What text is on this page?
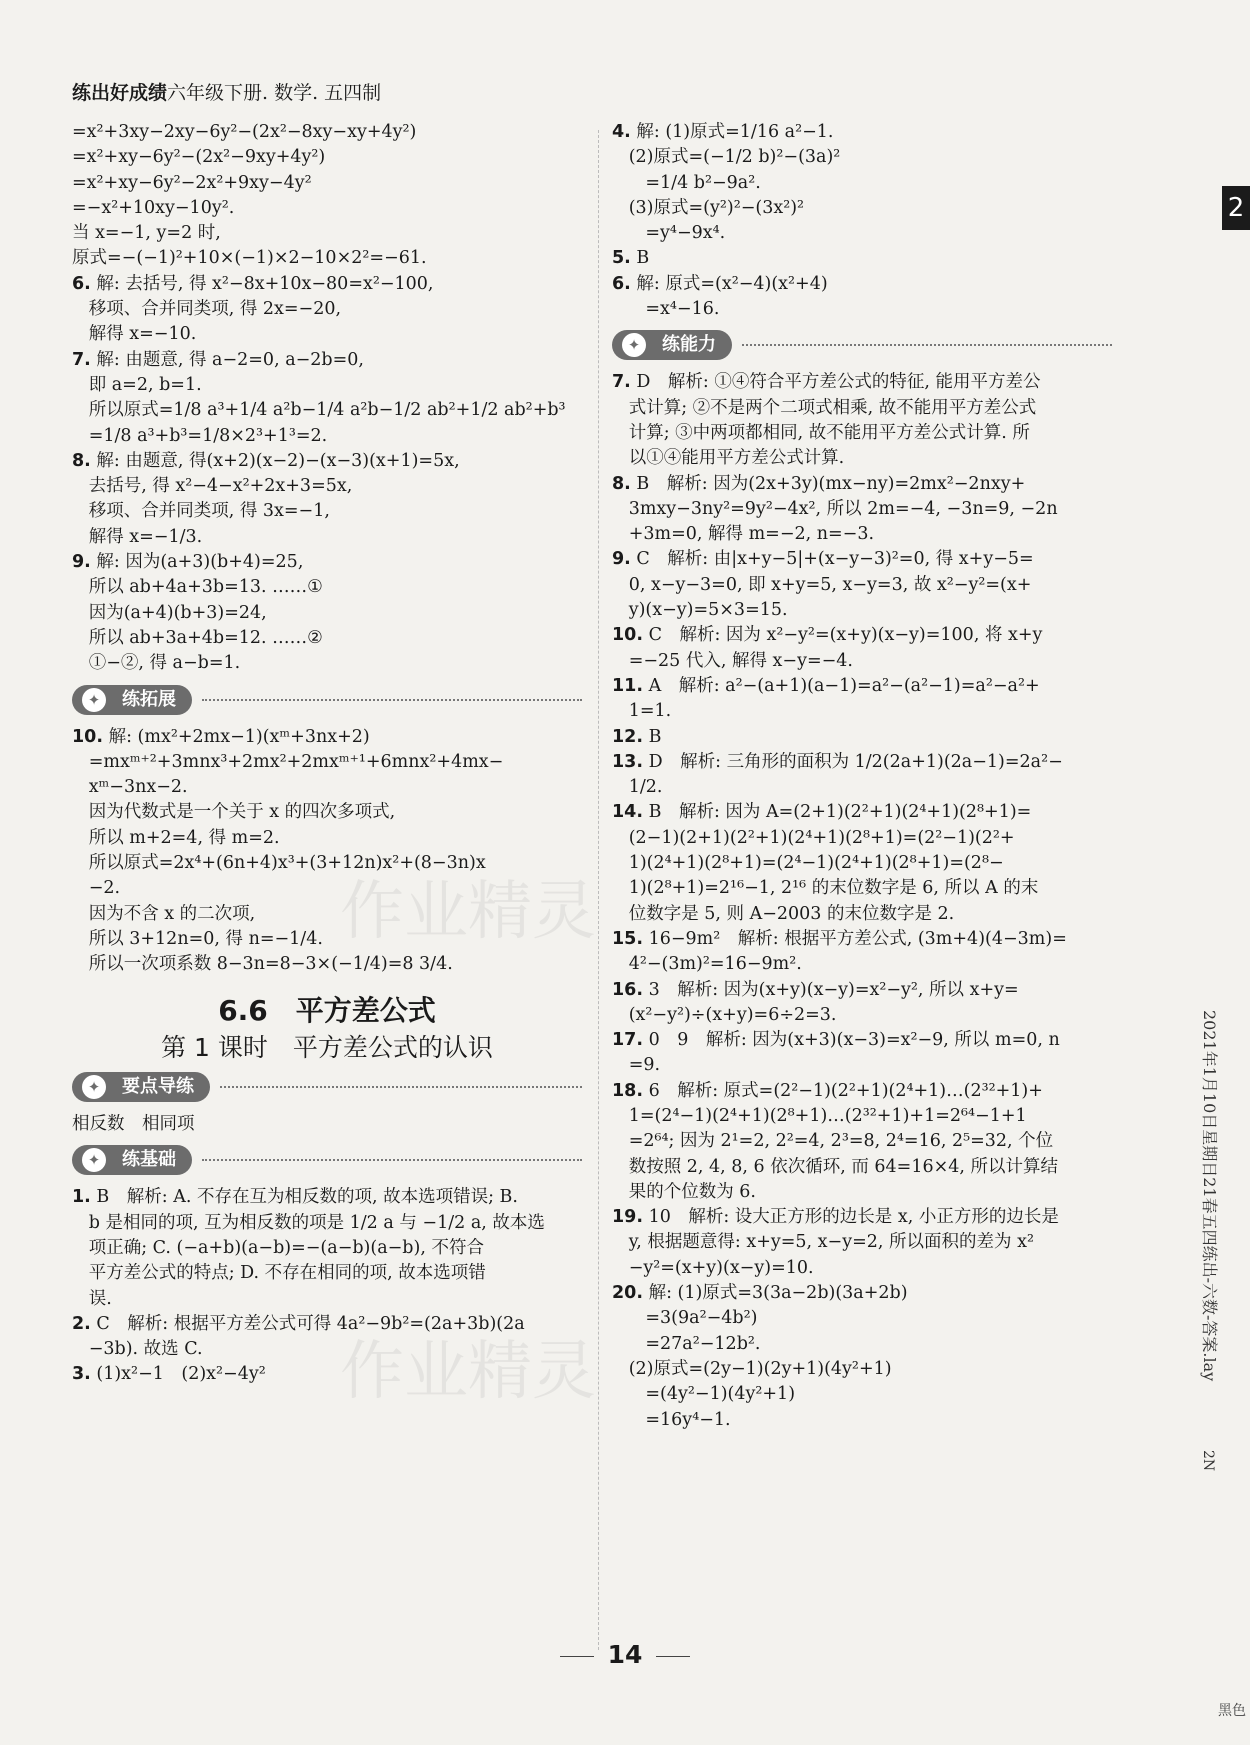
练出好成绩六年级下册. 数学. 五四制
作业精灵
作业精灵
=x²+3xy−2xy−6y²−(2x²−8xy−xy+4y²)
=x²+xy−6y²−(2x²−9xy+4y²)
=x²+xy−6y²−2x²+9xy−4y²
=−x²+10xy−10y².
当 x=−1, y=2 时,
原式=−(−1)²+10×(−1)×2−10×2²=−61.
6. 解: 去括号, 得 x²−8x+10x−80=x²−100,
移项、合并同类项, 得 2x=−20,
解得 x=−10.
7. 解: 由题意, 得 a−2=0, a−2b=0,
即 a=2, b=1.
所以原式=1/8 a³+1/4 a²b−1/4 a²b−1/2 ab²+1/2 ab²+b³
=1/8 a³+b³=1/8×2³+1³=2.
8. 解: 由题意, 得(x+2)(x−2)−(x−3)(x+1)=5x,
去括号, 得 x²−4−x²+2x+3=5x,
移项、合并同类项, 得 3x=−1,
解得 x=−1/3.
9. 解: 因为(a+3)(b+4)=25,
所以 ab+4a+3b=13. ……①
因为(a+4)(b+3)=24,
所以 ab+3a+4b=12. ……②
①−②, 得 a−b=1.
✦	练拓展
10. 解: (mx²+2mx−1)(xᵐ+3nx+2)
=mxᵐ⁺²+3mnx³+2mx²+2mxᵐ⁺¹+6mnx²+4mx−
xᵐ−3nx−2.
因为代数式是一个关于 x 的四次多项式,
所以 m+2=4, 得 m=2.
所以原式=2x⁴+(6n+4)x³+(3+12n)x²+(8−3n)x
−2.
因为不含 x 的二次项,
所以 3+12n=0, 得 n=−1/4.
所以一次项系数 8−3n=8−3×(−1/4)=8 3/4.
6.6　平方差公式
第 1 课时　平方差公式的认识
✦	要点导练
相反数　相同项
✦	练基础
1. B　解析: A. 不存在互为相反数的项, 故本选项错误; B.
b 是相同的项, 互为相反数的项是 1/2 a 与 −1/2 a, 故本选
项正确; C. (−a+b)(a−b)=−(a−b)(a−b), 不符合
平方差公式的特点; D. 不存在相同的项, 故本选项错
误.
2. C　解析: 根据平方差公式可得 4a²−9b²=(2a+3b)(2a
−3b). 故选 C.
3. (1)x²−1　(2)x²−4y²
4. 解: (1)原式=1/16 a²−1.
(2)原式=(−1/2 b)²−(3a)²
=1/4 b²−9a².
(3)原式=(y²)²−(3x²)²
=y⁴−9x⁴.
5. B
6. 解: 原式=(x²−4)(x²+4)
=x⁴−16.
✦	练能力
7. D　解析: ①④符合平方差公式的特征, 能用平方差公
式计算; ②不是两个二项式相乘, 故不能用平方差公式
计算; ③中两项都相同, 故不能用平方差公式计算. 所
以①④能用平方差公式计算.
8. B　解析: 因为(2x+3y)(mx−ny)=2mx²−2nxy+
3mxy−3ny²=9y²−4x², 所以 2m=−4, −3n=9, −2n
+3m=0, 解得 m=−2, n=−3.
9. C　解析: 由|x+y−5|+(x−y−3)²=0, 得 x+y−5=
0, x−y−3=0, 即 x+y=5, x−y=3, 故 x²−y²=(x+
y)(x−y)=5×3=15.
10. C　解析: 因为 x²−y²=(x+y)(x−y)=100, 将 x+y
=−25 代入, 解得 x−y=−4.
11. A　解析: a²−(a+1)(a−1)=a²−(a²−1)=a²−a²+
1=1.
12. B
13. D　解析: 三角形的面积为 1/2(2a+1)(2a−1)=2a²−
1/2.
14. B　解析: 因为 A=(2+1)(2²+1)(2⁴+1)(2⁸+1)=
(2−1)(2+1)(2²+1)(2⁴+1)(2⁸+1)=(2²−1)(2²+
1)(2⁴+1)(2⁸+1)=(2⁴−1)(2⁴+1)(2⁸+1)=(2⁸−
1)(2⁸+1)=2¹⁶−1, 2¹⁶ 的末位数字是 6, 所以 A 的末
位数字是 5, 则 A−2003 的末位数字是 2.
15. 16−9m²　解析: 根据平方差公式, (3m+4)(4−3m)=
4²−(3m)²=16−9m².
16. 3　解析: 因为(x+y)(x−y)=x²−y², 所以 x+y=
(x²−y²)÷(x+y)=6÷2=3.
17. 0　9　解析: 因为(x+3)(x−3)=x²−9, 所以 m=0, n
=9.
18. 6　解析: 原式=(2²−1)(2²+1)(2⁴+1)…(2³²+1)+
1=(2⁴−1)(2⁴+1)(2⁸+1)…(2³²+1)+1=2⁶⁴−1+1
=2⁶⁴; 因为 2¹=2, 2²=4, 2³=8, 2⁴=16, 2⁵=32, 个位
数按照 2, 4, 8, 6 依次循环, 而 64=16×4, 所以计算结
果的个位数为 6.
19. 10　解析: 设大正方形的边长是 x, 小正方形的边长是
y, 根据题意得: x+y=5, x−y=2, 所以面积的差为 x²
−y²=(x+y)(x−y)=10.
20. 解: (1)原式=3(3a−2b)(3a+2b)
=3(9a²−4b²)
=27a²−12b².
(2)原式=(2y−1)(2y+1)(4y²+1)
=(4y²−1)(4y²+1)
=16y⁴−1.
2
2021年1月10日星期日21春五四练出-六数-答案.lay
2N
14
黑色
